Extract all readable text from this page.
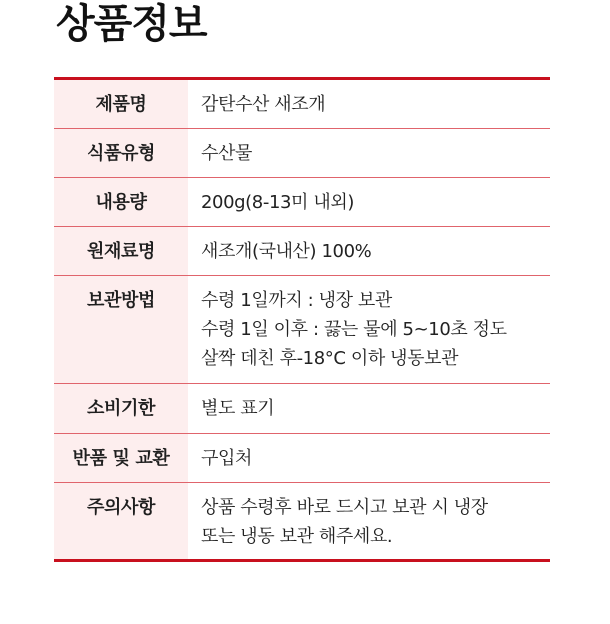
상품정보
제품명	감탄수산 새조개

식품유형	수산물

내용량	200g(8-13미 내외)

원재료명	새조개(국내산) 100%

보관방법	수령 1일까지 : 냉장 보관
수령 1일 이후 : 끓는 물에 5~10초 정도
살짝 데친 후-18°C 이하 냉동보관

소비기한	별도 표기

반품 및 교환	구입처

주의사항	상품 수령후 바로 드시고 보관 시 냉장
또는 냉동 보관 해주세요.
